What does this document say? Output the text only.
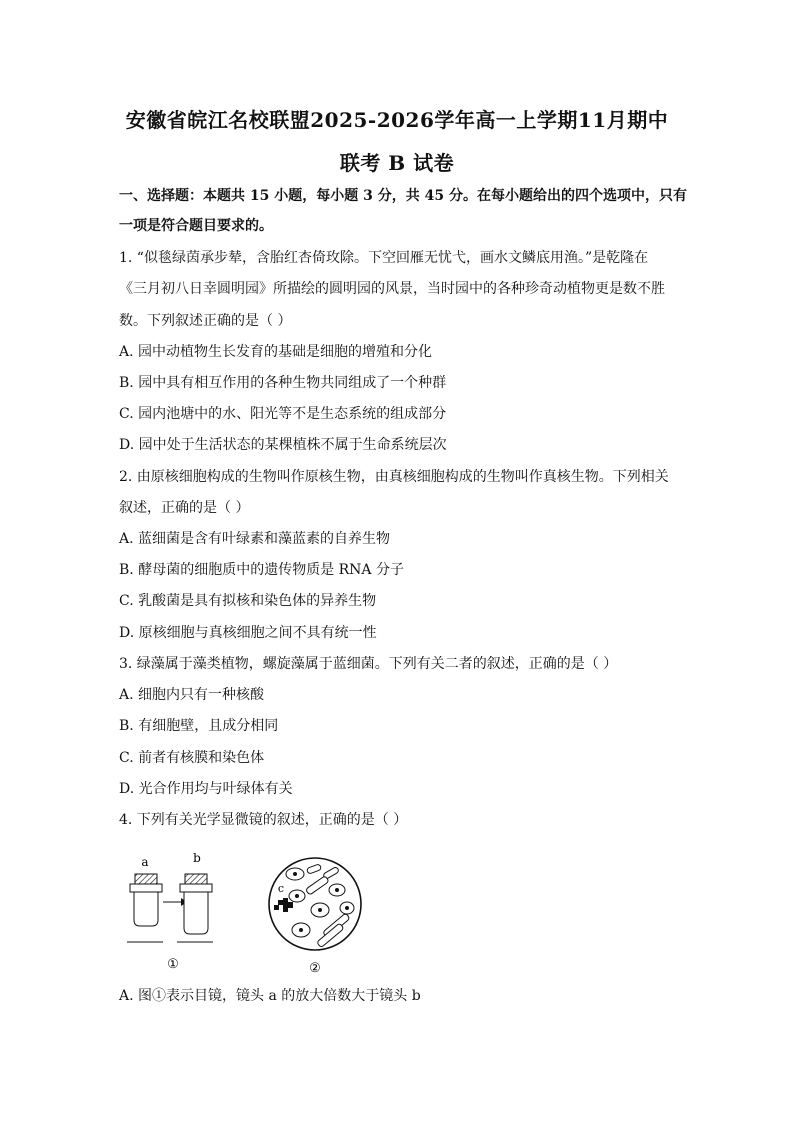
安徽省皖江名校联盟2025-2026学年高一上学期11月期中
联考 B 试卷
一、选择题：本题共 15 小题，每小题 3 分，共 45 分。在每小题给出的四个选项中，只有
一项是符合题目要求的。
1. “似毯绿茵承步辇，含胎红杏倚玫除。下空回雁无忧弋，画水文鳞底用渔。”是乾隆在
《三月初八日幸圆明园》所描绘的圆明园的风景，当时园中的各种珍奇动植物更是数不胜
数。下列叙述正确的是（ ）
A. 园中动植物生长发育的基础是细胞的增殖和分化
B. 园中具有相互作用的各种生物共同组成了一个种群
C. 园内池塘中的水、阳光等不是生态系统的组成部分
D. 园中处于生活状态的某棵植株不属于生命系统层次
2. 由原核细胞构成的生物叫作原核生物，由真核细胞构成的生物叫作真核生物。下列相关
叙述，正确的是（ ）
A. 蓝细菌是含有叶绿素和藻蓝素的自养生物
B. 酵母菌的细胞质中的遗传物质是 RNA 分子
C. 乳酸菌是具有拟核和染色体的异养生物
D. 原核细胞与真核细胞之间不具有统一性
3. 绿藻属于藻类植物，螺旋藻属于蓝细菌。下列有关二者的叙述，正确的是（ ）
A. 细胞内只有一种核酸
B. 有细胞壁，且成分相同
C. 前者有核膜和染色体
D. 光合作用均与叶绿体有关
4. 下列有关光学显微镜的叙述，正确的是（ ）
a	b
①
c
②
A. 图①表示目镜，镜头 a 的放大倍数大于镜头 b
